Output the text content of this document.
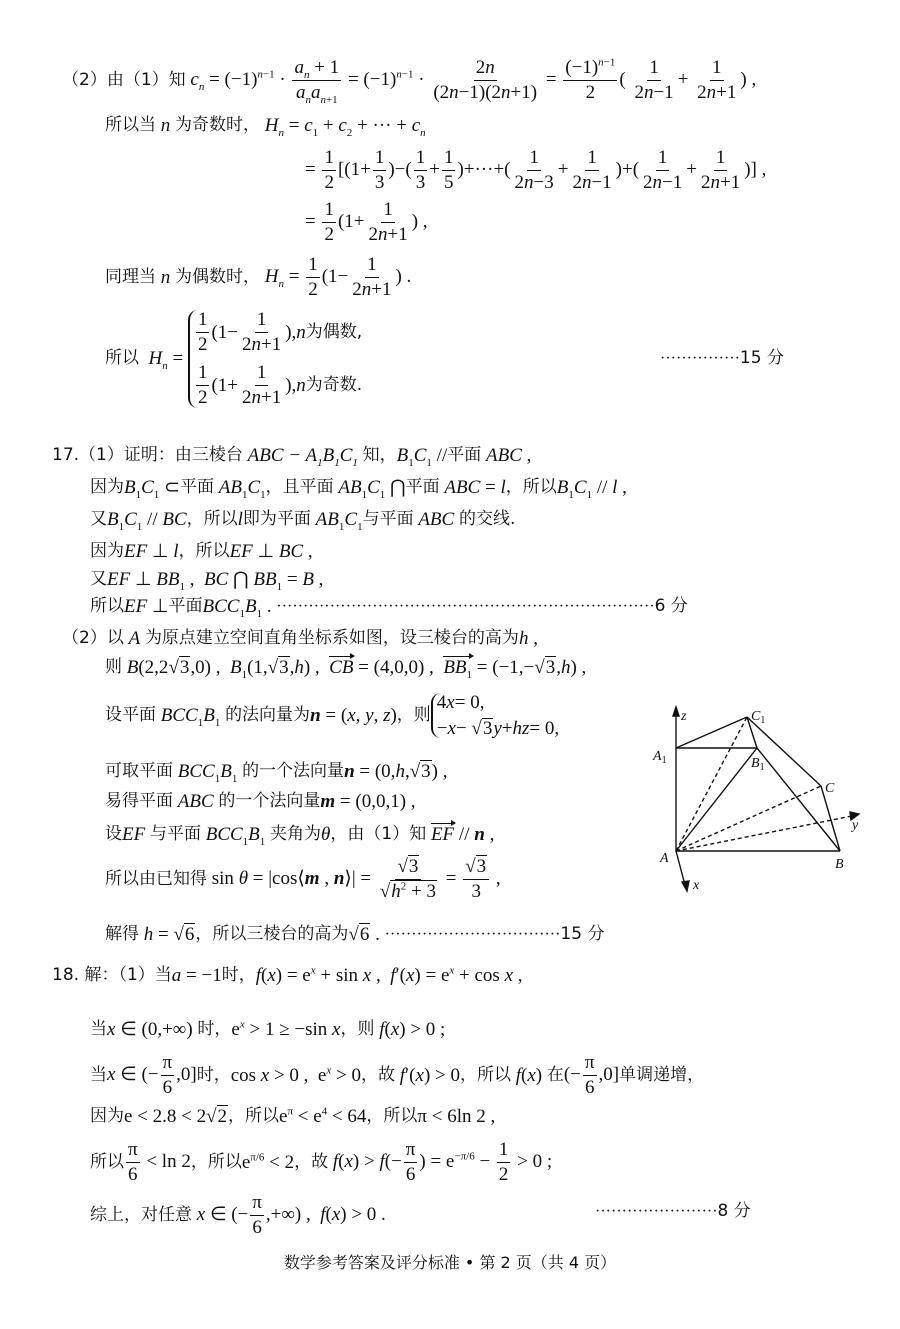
（2）由（1）知 $c_n = (-1)^{n-1} \cdot \frac{a_n + 1}{a_na_{n+1}} = (-1)^{n-1} \cdot \frac{2n}{(2n-1)(2n+1)} = \frac{(-1)^{n-1}}{2}$ ( $\frac{1}{2n-1} + \frac{1}{2n+1}$ ) ,
所以当 n 为奇数时， $H_n = c_1 + c_2$ + ··· + $c_n$
= $\frac{1}{2} [(1+ \frac{1}{3}$ )−( $\frac{1}{3} + \frac{1}{5}$ )+···+( $\frac{1}{2n-3} + \frac{1}{2n-1}$ )+( $\frac{1}{2n-1} + \frac{1}{2n+1}$ )] ,
= $\frac{1}{2} (1+ \frac{1}{2n+1}$ ) ,
同理当 n 为偶数时， $H_n = \frac{1}{2} (1- \frac{1}{2n+1}$ ) .
所以 $H_n$ =
$\frac{1}{2} (1- \frac{1}{2n+1}$ ), n 为偶数,
$\frac{1}{2} (1+ \frac{1}{2n+1}$ ), n 为奇数.
··············· 15 分
17.（1）证明：由三棱台 ABC − $A_1B_1C_1$ 知， $B_1C_1$ // 平面 ABC ,
因为 $B_1C_1$ ⊂ 平面 $AB_1C_1$ ，且平面 $AB_1C_1$ ⋂ 平面 ABC = l ，所以 $B_1C_1$ // l ,
又 $B_1C_1$ // BC ，所以 l 即为平面 $AB_1C_1$ 与平面 ABC 的交线.
因为 EF ⊥ l ，所以 EF ⊥ BC ,
又 EF ⊥ $BB_1$ ,  BC ⋂ $BB_1 = B$ ,
所以 EF ⊥ 平面 $BCC_1B_1$ . ······································································· 6 分
（2）以 A 为原点建立空间直角坐标系如图，设三棱台的高为 h ,
则 B(2,2√3,0) ,  $B_1(1,√3,h)$ ,  CB = (4,0,0) ,  $BB_1 = (-1,-√3,h)$ ,
设平面 $BCC_1B_1$ 的法向量为 n = (x, y, z) ，则
4 x = 0,
− x − √ 3 y + hz = 0,
可取平面 $BCC_1B_1$ 的一个法向量 n = (0,h,√3) ,
易得平面 ABC 的一个法向量 m = (0,0,1) ,
设 EF 与平面 $BCC_1B_1$ 夹角为 θ ，由（1）知 EF // n ,
所以由已知得 sin θ = |cos⟨m , n⟩| = $\frac{√3}{√h^2 + 3} = \frac{√3}{3}$ ,
解得 h = √6 ，所以三棱台的高为 √6 . ································· 15 分
z
$A_1$
$C_1$
$B_1$
C
y
A	B
x
18. 解：（1）当 a = −1 时， $f(x) = e^x + \sin x$ ,  $f'(x) = e^x + \cos x$ ,
当 x ∈ (0,+∞) 时， $e^x > 1 \ge -\sin$ x ，则 f(x) > 0 ;
当 x ∈ (− $\frac{\pi}{6} ,0$] 时， cos x > 0 ,  $e^x > 0$ ，故 f′(x) > 0 ，所以 f(x) 在 (− $\frac{\pi}{6} ,0$] 单调递增，
因为 e < 2.8 < 2√2 ，所以 $e^\pi < e^4 < 64$ ，所以 π < 6ln 2 ,
所以 $\frac{\pi}{6} < \ln 2$ ，所以 $e^{\pi/6} < 2$ ，故 $f(x) > f(- \frac{\pi}{6}$ ) = $e^{-\pi/6} - \frac{1}{2} > 0$ ;
综上，对任意 x ∈ (− $\frac{\pi}{6}$ ,+∞) ,  f(x) > 0 .	······················· 8 分
数学参考答案及评分标准 • 第 2 页（共 4 页）
